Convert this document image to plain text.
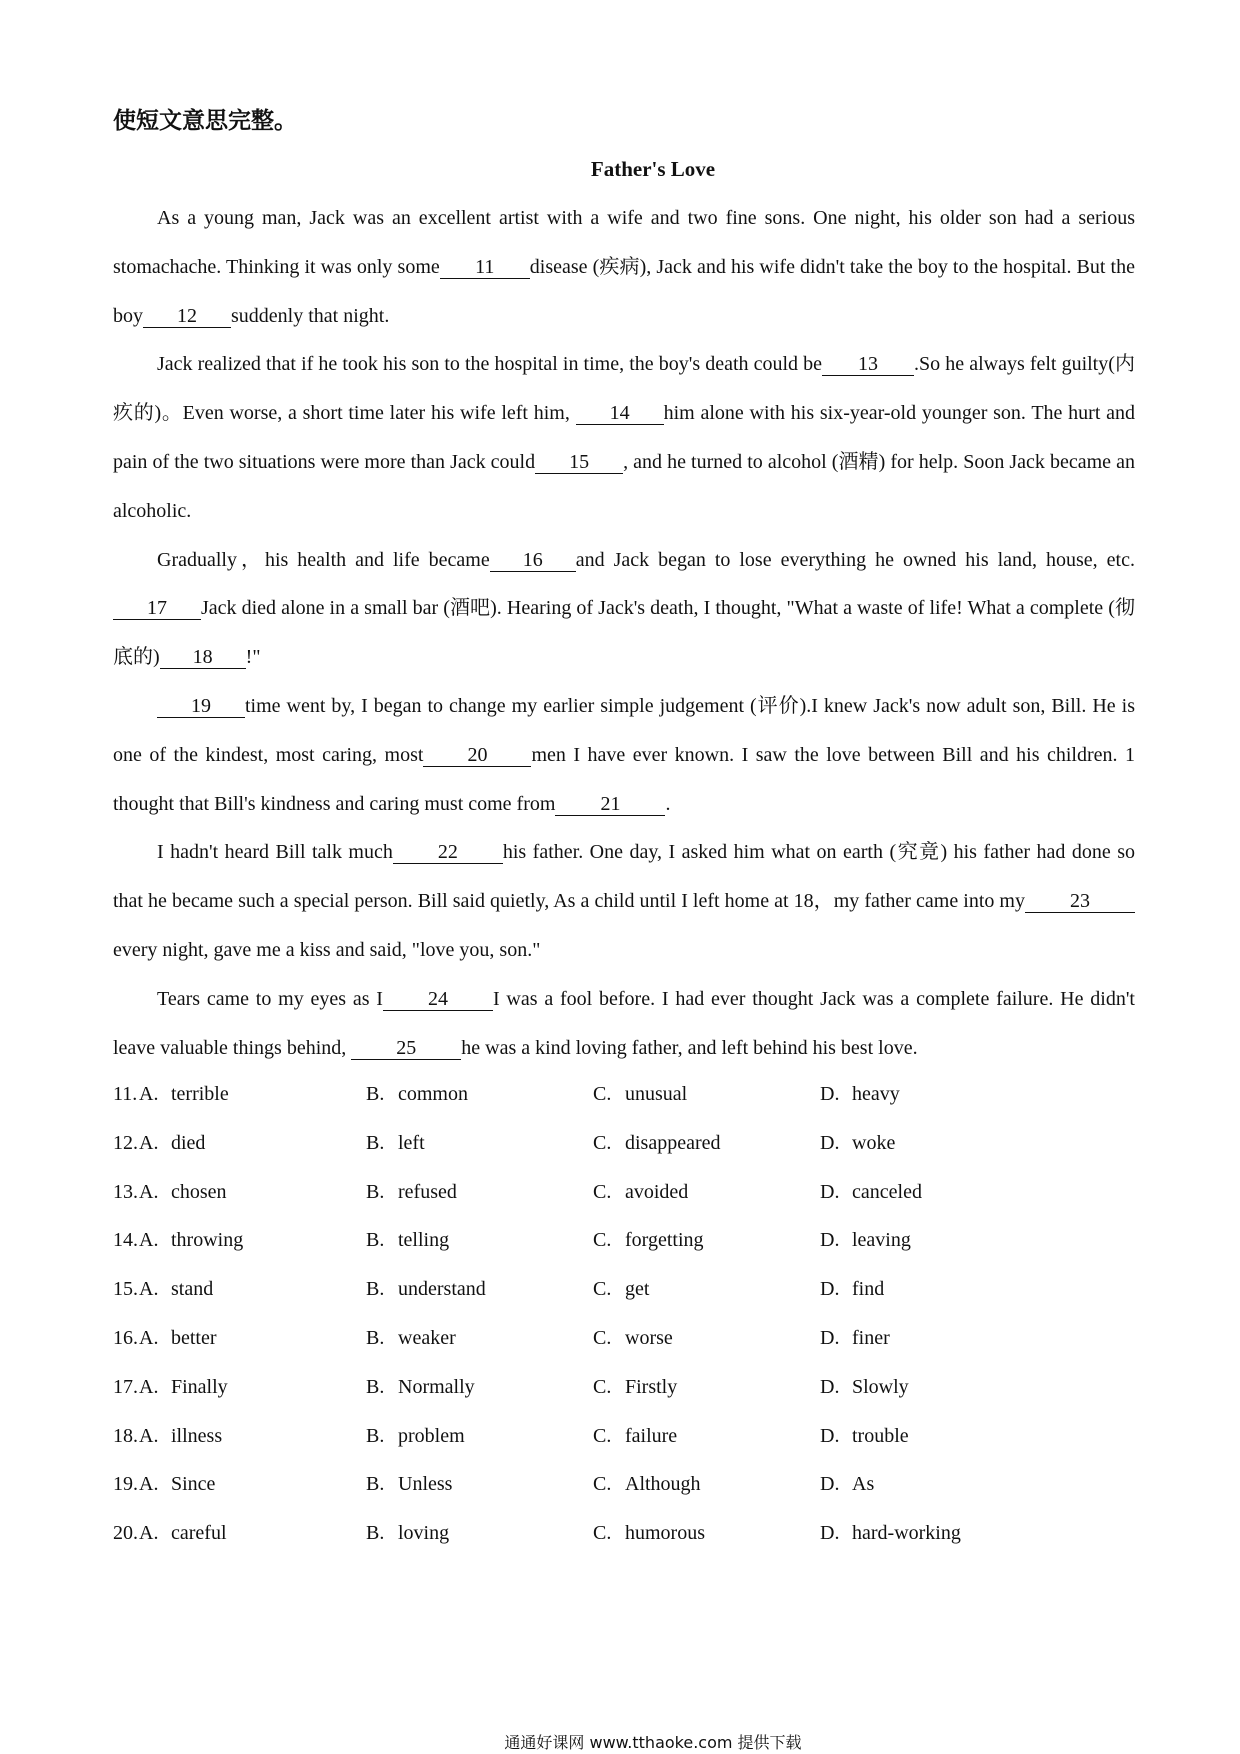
使短文意思完整。
Father's Love

As a young man, Jack was an excellent artist with a wife and two fine sons. One night, his older son had a serious stomachache. Thinking it was only some 11 disease (疾病), Jack and his wife didn't take the boy to the hospital. But the boy 12 suddenly that night.

Jack realized that if he took his son to the hospital in time, the boy's death could be 13 .So he always felt guilty(内疚的)。Even worse, a short time later his wife left him, 14 him alone with his six-year-old younger son. The hurt and pain of the two situations were more than Jack could 15 , and he turned to alcohol (酒精) for help. Soon Jack became an alcoholic.

Gradually，his health and life became 16 and Jack began to lose everything he owned his land, house, etc. 17 Jack died alone in a small bar (酒吧). Hearing of Jack's death, I thought, "What a waste of life! What a complete (彻底的) 18 !"

19 time went by, I began to change my earlier simple judgement (评价).I knew Jack's now adult son, Bill. He is one of the kindest, most caring, most 20 men I have ever known. I saw the love between Bill and his children. 1 thought that Bill's kindness and caring must come from 21 .

I hadn't heard Bill talk much 22 his father. One day, I asked him what on earth (究竟) his father had done so that he became such a special person. Bill said quietly, As a child until I left home at 18，my father came into my 23every night, gave me a kiss and said, "love you, son."

Tears came to my eyes as I 24 I was a fool before. I had ever thought Jack was a complete failure. He didn't leave valuable things behind, 25 he was a kind loving father, and left behind his best love.

11. A. terrible	B. common	C. unusual	D. heavy
12. A. died	B. left	C. disappeared	D. woke
13. A. chosen	B. refused	C. avoided	D. canceled
14. A. throwing	B. telling	C. forgetting	D. leaving
15. A. stand	B. understand	C. get	D. find
16. A. better	B. weaker	C. worse	D. finer
17. A. Finally	B. Normally	C. Firstly	D. Slowly
18. A. illness	B. problem	C. failure	D. trouble
19. A. Since	B. Unless	C. Although	D. As
20. A. careful	B. loving	C. humorous	D. hard-working
通通好课网 www.tthaoke.com 提供下载
